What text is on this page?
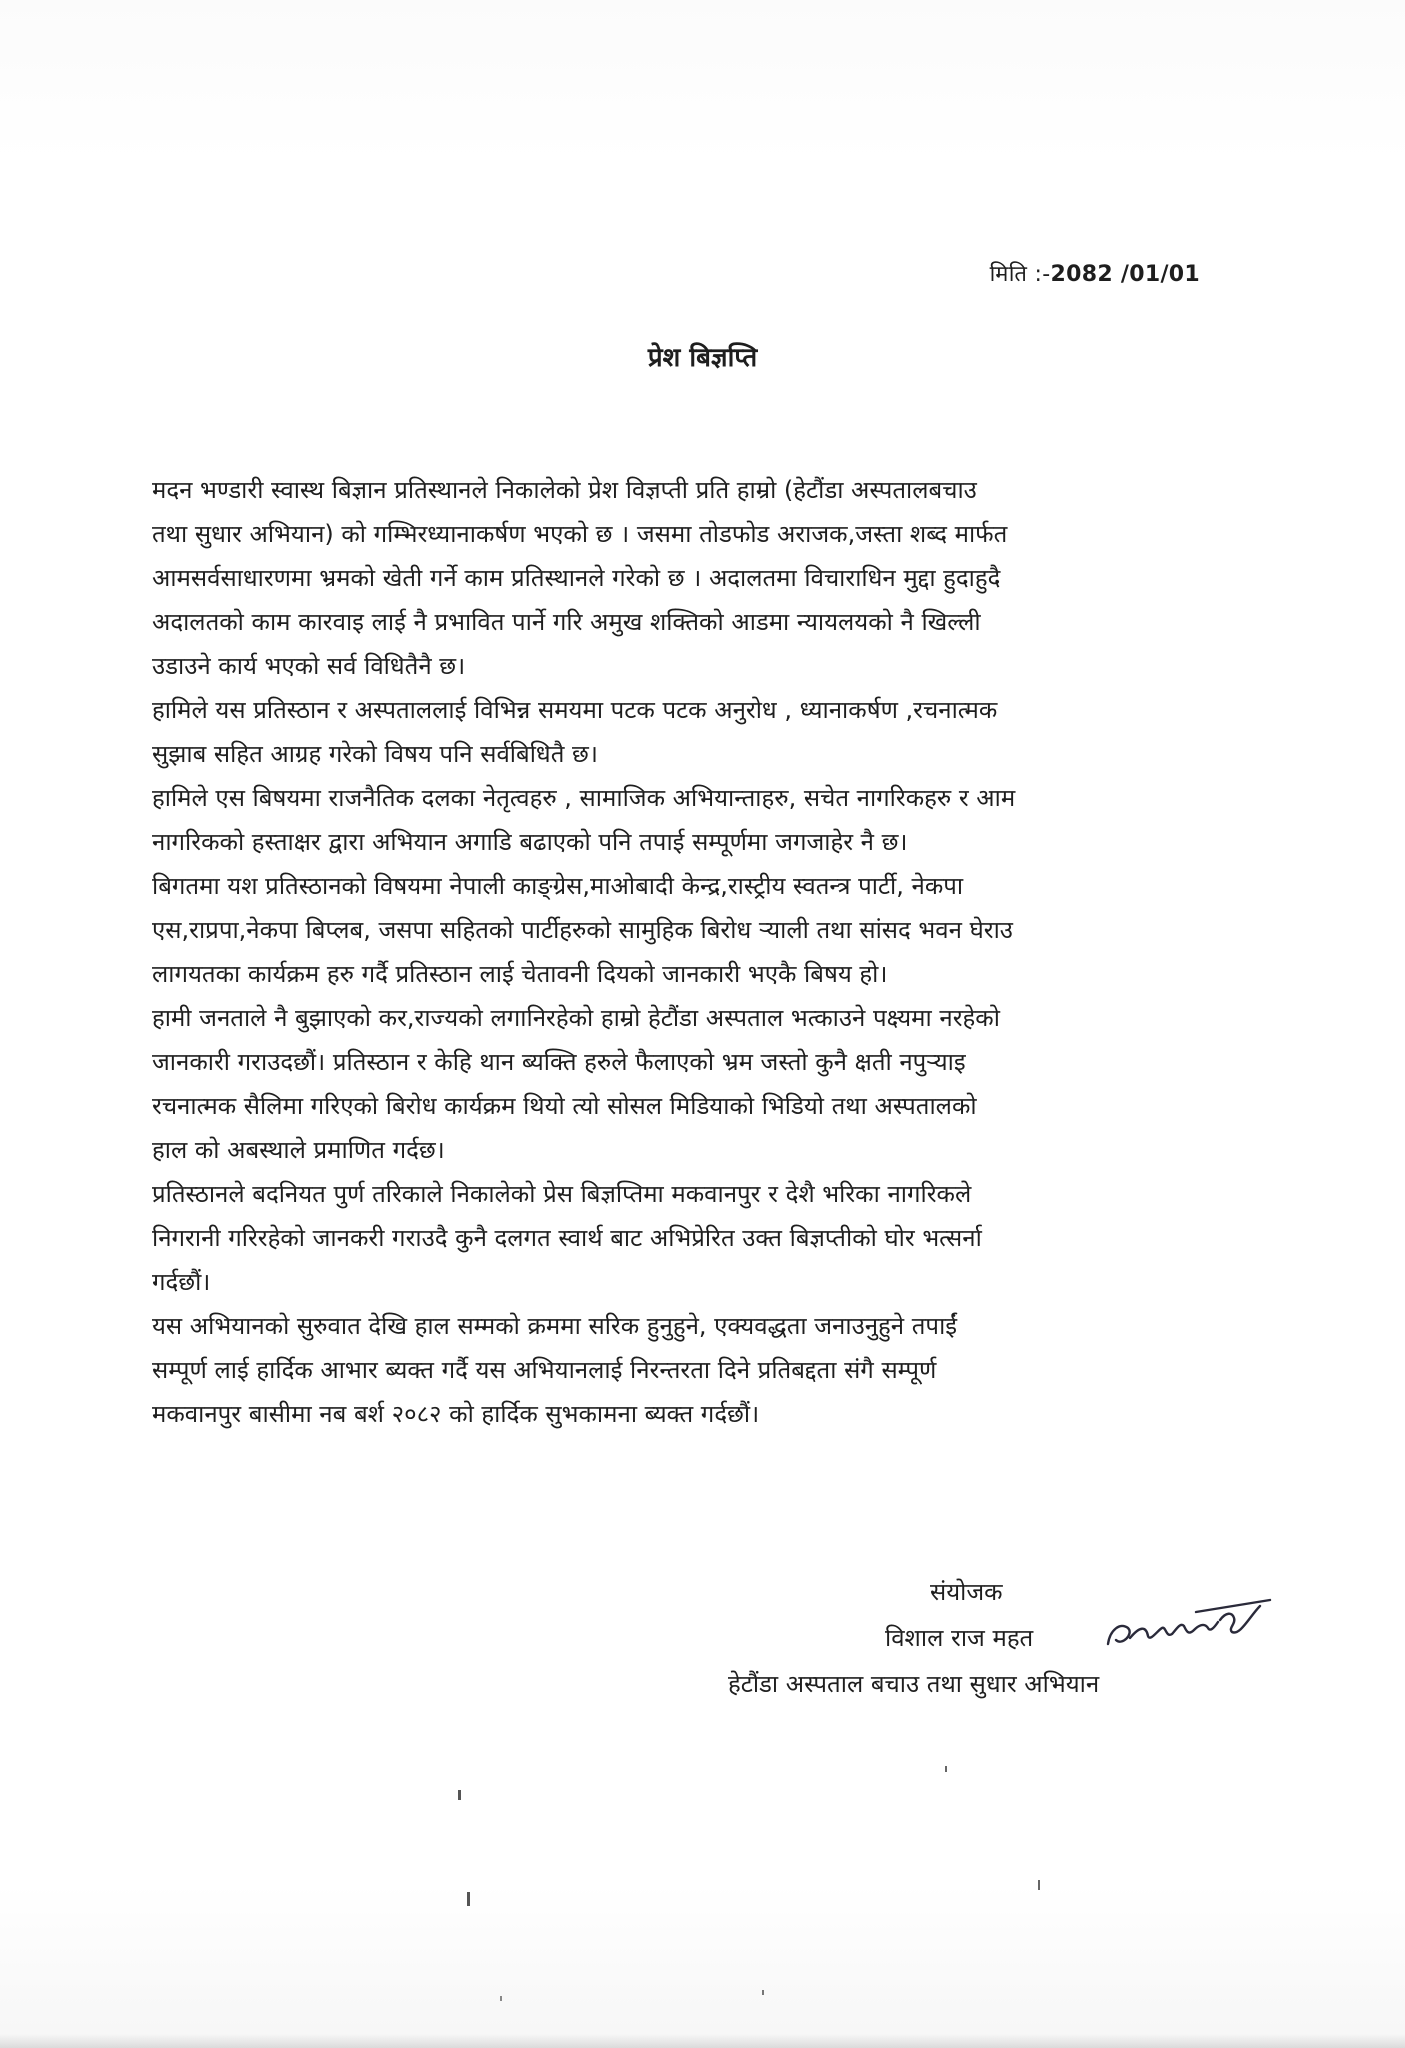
मिति :-2082 /01/01
प्रेश बिज्ञप्ति

मदन भण्डारी स्वास्थ बिज्ञान प्रतिस्थानले निकालेको प्रेश विज्ञप्ती प्रति हाम्रो (हेटौंडा अस्पतालबचाउ
तथा सुधार अभियान) को गम्भिरध्यानाकर्षण भएको छ । जसमा तोडफोड अराजक,जस्ता शब्द मार्फत
आमसर्वसाधारणमा भ्रमको खेती गर्ने काम प्रतिस्थानले गरेको छ । अदालतमा विचाराधिन मुद्दा हुदाहुदै
अदालतको काम कारवाइ लाई नै प्रभावित पार्ने गरि अमुख शक्तिको आडमा न्यायलयको नै खिल्ली
उडाउने कार्य भएको सर्व विधितैनै छ।

हामिले यस प्रतिस्ठान र अस्पताललाई विभिन्न समयमा पटक पटक अनुरोध , ध्यानाकर्षण ,रचनात्मक
सुझाब सहित आग्रह गरेको विषय पनि सर्वबिधितै छ।

हामिले एस बिषयमा राजनैतिक दलका नेतृत्वहरु , सामाजिक अभियान्ताहरु, सचेत नागरिकहरु र आम
नागरिकको हस्ताक्षर द्वारा अभियान अगाडि बढाएको पनि तपाई सम्पूर्णमा जगजाहेर नै छ।

बिगतमा यश प्रतिस्ठानको विषयमा नेपाली काङ्ग्रेस,माओबादी केन्द्र,रास्ट्रीय स्वतन्त्र पार्टी, नेकपा
एस,राप्रपा,नेकपा बिप्लब, जसपा सहितको पार्टीहरुको सामुहिक बिरोध र्‍याली तथा सांसद भवन घेराउ
लागयतका कार्यक्रम हरु गर्दै प्रतिस्ठान लाई चेतावनी दियको जानकारी भएकै बिषय हो।

हामी जनताले नै बुझाएको कर,राज्यको लगानिरहेको हाम्रो हेटौंडा अस्पताल भत्काउने पक्ष्यमा नरहेको
जानकारी गराउदछौं। प्रतिस्ठान र केहि थान ब्यक्ति हरुले फैलाएको भ्रम जस्तो कुनै क्षती नपुर्‍याइ
रचनात्मक सैलिमा गरिएको बिरोध कार्यक्रम थियो त्यो सोसल मिडियाको भिडियो तथा अस्पतालको
हाल को अबस्थाले प्रमाणित गर्दछ।

प्रतिस्ठानले बदनियत पुर्ण तरिकाले निकालेको प्रेस बिज्ञप्तिमा मकवानपुर र देशै भरिका नागरिकले
निगरानी गरिरहेको जानकरी गराउदै कुनै दलगत स्वार्थ बाट अभिप्रेरित उक्त बिज्ञप्तीको घोर भत्सर्ना
गर्दछौं।

यस अभियानको सुरुवात देखि हाल सम्मको क्रममा सरिक हुनुहुने, एक्यवद्धता जनाउनुहुने तपाईं
सम्पूर्ण लाई हार्दिक आभार ब्यक्त गर्दै यस अभियानलाई निरन्तरता दिने प्रतिबद्दता संगै सम्पूर्ण
मकवानपुर बासीमा नब बर्श २०८२ को हार्दिक सुभकामना ब्यक्त गर्दछौं।

संयोजक
विशाल राज महत
हेटौंडा अस्पताल बचाउ तथा सुधार अभियान
